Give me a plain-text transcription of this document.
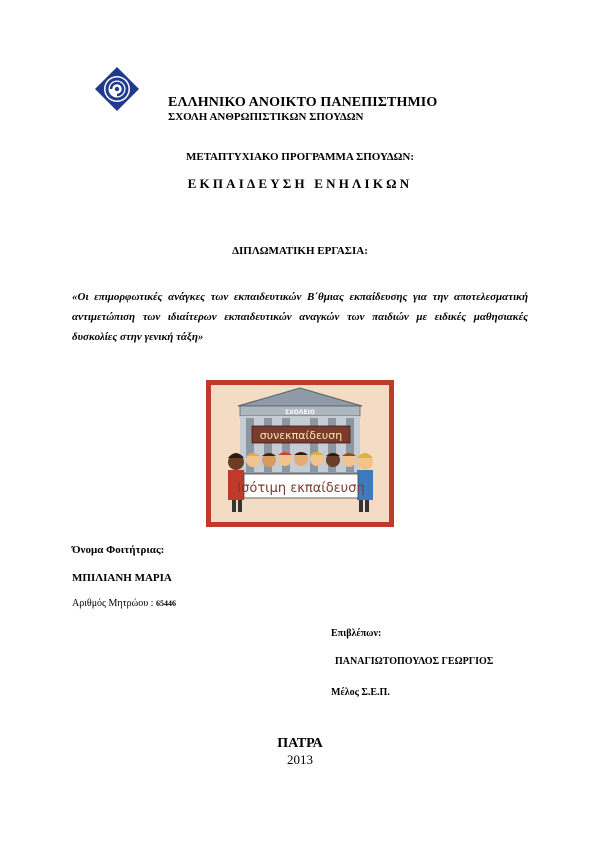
ΕΛΛΗΝΙΚΟ ΑΝΟΙΚΤΟ ΠΑΝΕΠΙΣΤΗΜΙΟ
ΣΧΟΛΗ ΑΝΘΡΩΠΙΣΤΙΚΩΝ ΣΠΟΥΔΩΝ
ΜΕΤΑΠΤΥΧΙΑΚΟ ΠΡΟΓΡΑΜΜΑ ΣΠΟΥΔΩΝ:
ΕΚΠΑΙΔΕΥΣΗ ΕΝΗΛΙΚΩΝ
ΔΙΠΛΩΜΑΤΙΚΗ ΕΡΓΑΣΙΑ:
«Οι επιμορφωτικές ανάγκες των εκπαιδευτικών Β΄θμιας εκπαίδευσης για την αποτελεσματική αντιμετώπιση των ιδιαίτερων εκπαιδευτικών αναγκών των παιδιών με ειδικές μαθησιακές δυσκολίες στην γενική τάξη»
ΣΧΟΛΕΙΟ
συνεκπαίδευση
Ισότιμη εκπαίδευση
Όνομα Φοιτήτριας:
ΜΠΙΛΙΑΝΗ ΜΑΡΙΑ
Αριθμός Μητρώου : 65446
Επιβλέπων:
ΠΑΝΑΓΙΩΤΟΠΟΥΛΟΣ ΓΕΩΡΓΙΟΣ
Μέλος Σ.Ε.Π.
ΠΑΤΡΑ
2013
